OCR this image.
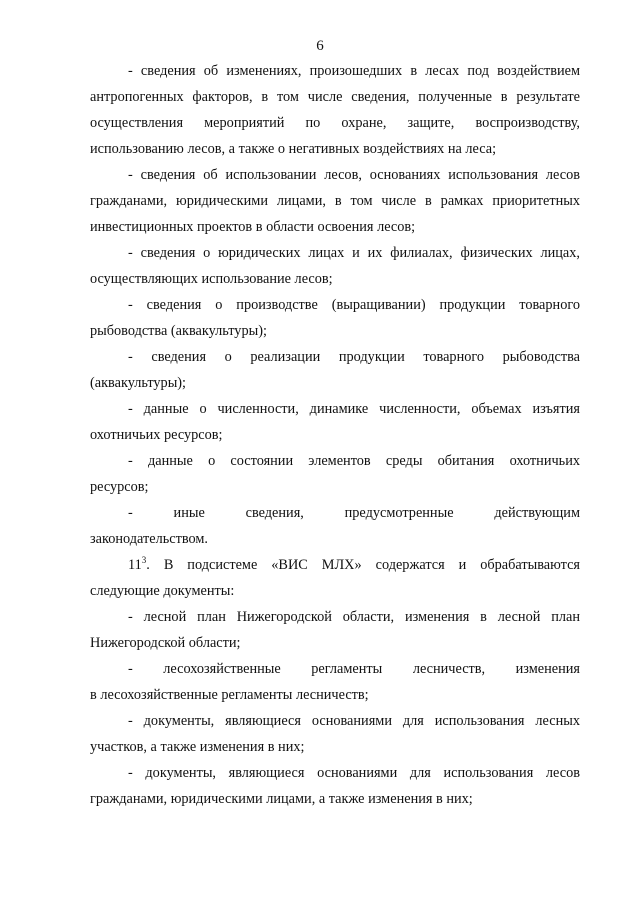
6
- сведения об изменениях, произошедших в лесах под воздействием
антропогенных факторов, в том числе сведения, полученные в результате
осуществления мероприятий по охране, защите, воспроизводству,
использованию лесов, а также о негативных воздействиях на леса;
- сведения об использовании лесов, основаниях использования лесов
гражданами, юридическими лицами, в том числе в рамках приоритетных
инвестиционных проектов в области освоения лесов;
- сведения о юридических лицах и их филиалах, физических лицах,
осуществляющих использование лесов;
- сведения о производстве (выращивании) продукции товарного
рыбоводства (аквакультуры);
- сведения о реализации продукции товарного рыбоводства
(аквакультуры);
- данные о численности, динамике численности, объемах изъятия
охотничьих ресурсов;
- данные о состоянии элементов среды обитания охотничьих
ресурсов;
- иные сведения, предусмотренные действующим
законодательством.
$11^3$. В подсистеме «ВИС МЛХ» содержатся и обрабатываются
следующие документы:
- лесной план Нижегородской области, изменения в лесной план
Нижегородской области;
- лесохозяйственные регламенты лесничеств, изменения
в лесохозяйственные регламенты лесничеств;
- документы, являющиеся основаниями для использования лесных
участков, а также изменения в них;
- документы, являющиеся основаниями для использования лесов
гражданами, юридическими лицами, а также изменения в них;
